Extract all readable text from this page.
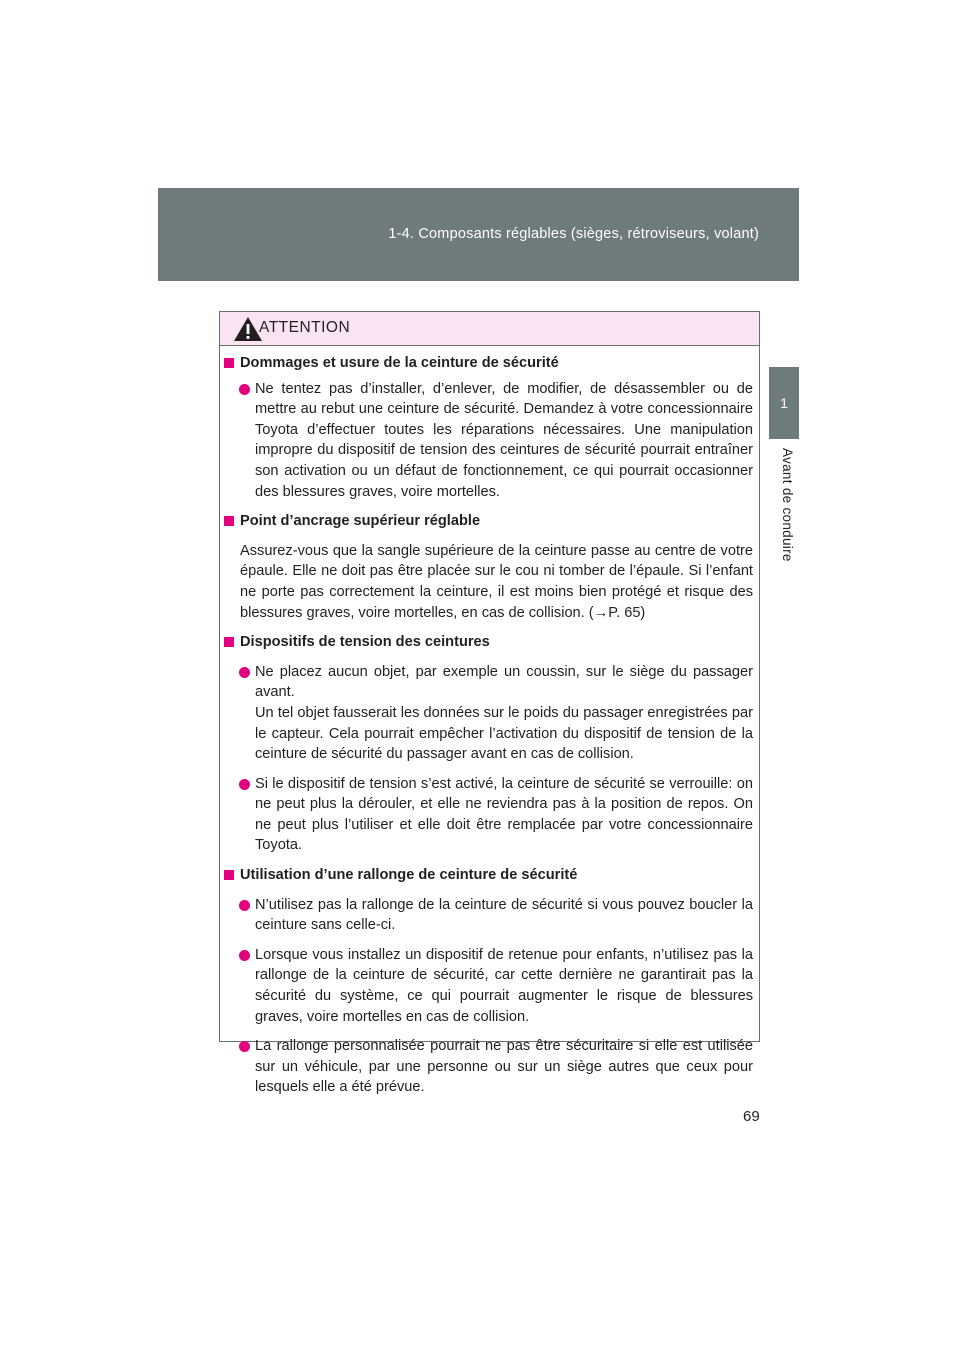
1-4. Composants réglables (sièges, rétroviseurs, volant)
1
Avant de conduire
ATTENTION

Dommages et usure de la ceinture de sécurité

Ne tentez pas d’installer, d’enlever, de modifier, de désassembler ou de mettre au rebut une ceinture de sécurité. Demandez à votre concessionnaire Toyota d’effectuer toutes les réparations nécessaires. Une manipulation impropre du dispositif de tension des ceintures de sécurité pourrait entraîner son activation ou un défaut de fonctionnement, ce qui pourrait occasionner des blessures graves, voire mortelles.

Point d’ancrage supérieur réglable

Assurez-vous que la sangle supérieure de la ceinture passe au centre de votre épaule. Elle ne doit pas être placée sur le cou ni tomber de l’épaule. Si l’enfant ne porte pas correctement la ceinture, il est moins bien protégé et risque des blessures graves, voire mortelles, en cas de collision. (→P. 65)

Dispositifs de tension des ceintures

Ne placez aucun objet, par exemple un coussin, sur le siège du passager avant.
Un tel objet fausserait les données sur le poids du passager enregistrées par le capteur. Cela pourrait empêcher l’activation du dispositif de tension de la ceinture de sécurité du passager avant en cas de collision.

Si le dispositif de tension s’est activé, la ceinture de sécurité se verrouille: on ne peut plus la dérouler, et elle ne reviendra pas à la position de repos. On ne peut plus l’utiliser et elle doit être remplacée par votre concessionnaire Toyota.

Utilisation d’une rallonge de ceinture de sécurité

N’utilisez pas la rallonge de la ceinture de sécurité si vous pouvez boucler la ceinture sans celle-ci.

Lorsque vous installez un dispositif de retenue pour enfants, n’utilisez pas la rallonge de la ceinture de sécurité, car cette dernière ne garantirait pas la sécurité du système, ce qui pourrait augmenter le risque de blessures graves, voire mortelles en cas de collision.

La rallonge personnalisée pourrait ne pas être sécuritaire si elle est utilisée sur un véhicule, par une personne ou sur un siège autres que ceux pour lesquels elle a été prévue.

69
